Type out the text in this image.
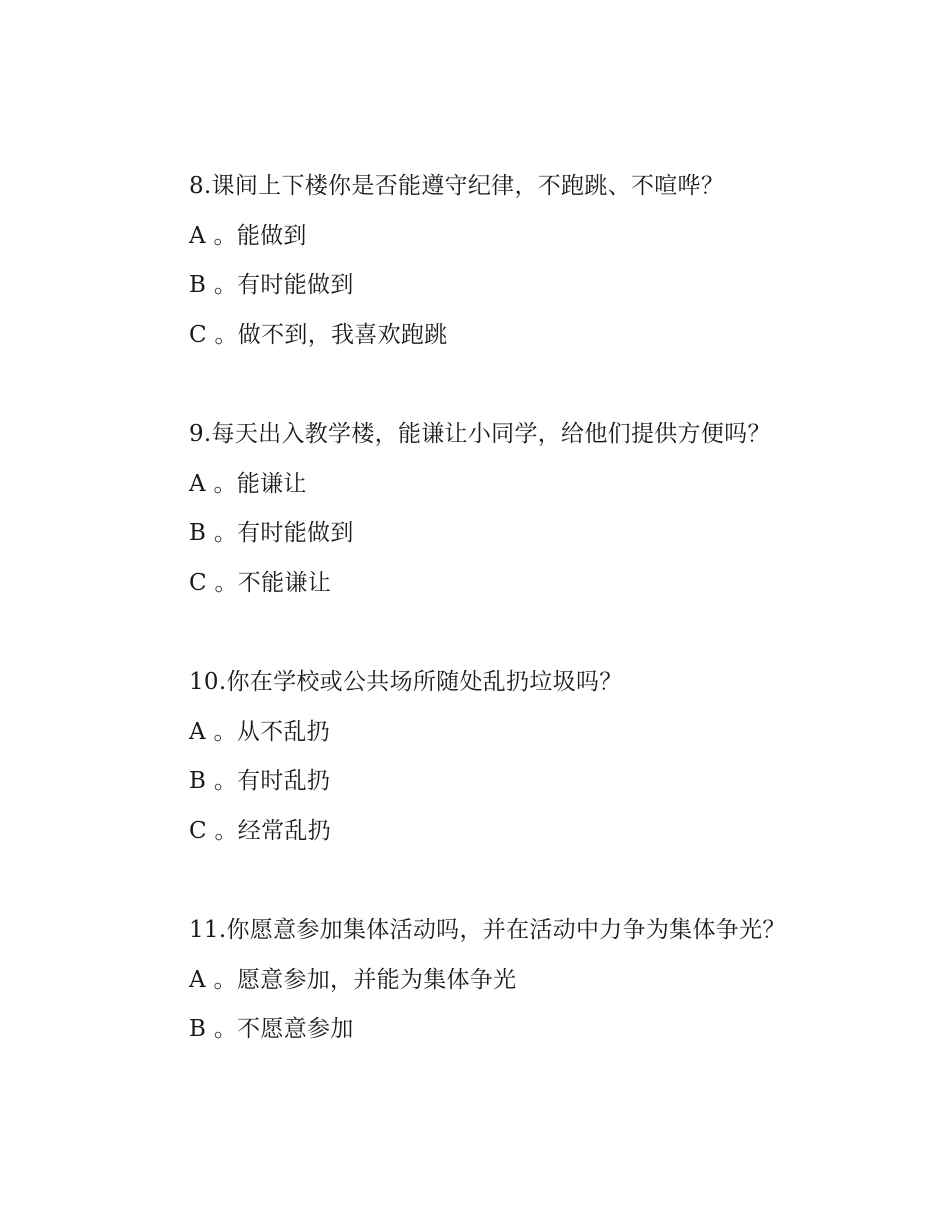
8.课间上下楼你是否能遵守纪律，不跑跳、不喧哗？
A 。能做到
B 。有时能做到
C 。做不到，我喜欢跑跳
9.每天出入教学楼，能谦让小同学，给他们提供方便吗？
A 。能谦让
B 。有时能做到
C 。不能谦让
10.你在学校或公共场所随处乱扔垃圾吗？
A 。从不乱扔
B 。有时乱扔
C 。经常乱扔
11.你愿意参加集体活动吗，并在活动中力争为集体争光？
A 。愿意参加，并能为集体争光
B 。不愿意参加
